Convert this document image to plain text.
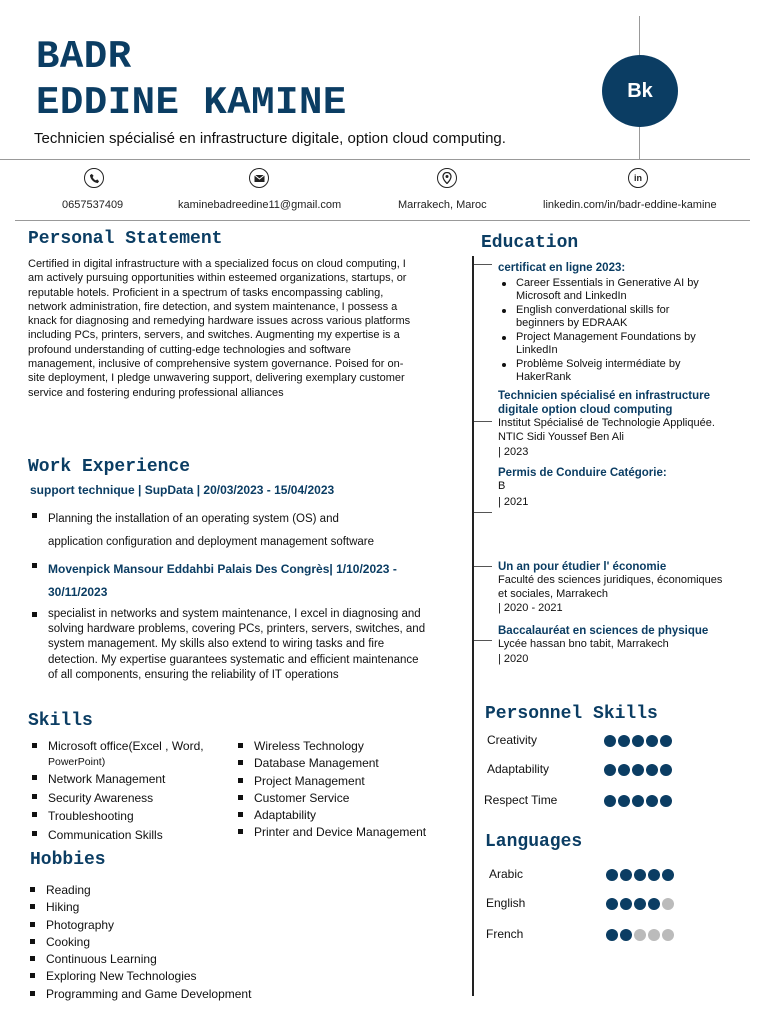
BADR
EDDINE KAMINE
Technicien spécialisé en infrastructure digitale, option cloud computing.
Bk
in
0657537409	kaminebadreedine11@gmail.com	Marrakech, Maroc	linkedin.com/in/badr-eddine-kamine
Personal Statement
Certified in digital infrastructure with a specialized focus on cloud computing, I am actively pursuing opportunities within esteemed organizations, startups, or reputable hotels. Proficient in a spectrum of tasks encompassing cabling, network administration, fire detection, and system maintenance, I possess a knack for diagnosing and remedying hardware issues across various platforms including PCs, printers, servers, and switches. Augmenting my expertise is a profound understanding of cutting-edge technologies and software management, inclusive of comprehensive system governance. Poised for on-site deployment, I pledge unwavering support, delivering exemplary customer service and fostering enduring professional alliances
Work Experience
support technique | SupData | 20/03/2023 - 15/04/2023
Planning the installation of an operating system (OS) and
application configuration and deployment management software
Movenpick Mansour Eddahbi Palais Des Congrès| 1/10/2023 -
30/11/2023
specialist in networks and system maintenance, I excel in diagnosing and solving hardware problems, covering PCs, printers, servers, switches, and system management. My skills also extend to wiring tasks and fire detection. My expertise guarantees systematic and efficient maintenance of all components, ensuring the reliability of IT operations
Skills
Microsoft office(Excel , Word,
PowerPoint)
Network Management
Security Awareness
Troubleshooting
Communication Skills
Wireless Technology
Database Management
Project Management
Customer Service
Adaptability
Printer and Device Management
Hobbies
Reading
Hiking
Photography
Cooking
Continuous Learning
Exploring New Technologies
Programming and Game Development
Education
certificat en ligne 2023:
Career Essentials in Generative AI by Microsoft and LinkedIn
English converdational skills for beginners by EDRAAK
Project Management Foundations by LinkedIn
Problème Solveig intermédiate by HakerRank
Technicien spécialisé en infrastructure digitale option cloud computing
Institut Spécialisé de Technologie Appliquée. NTIC Sidi Youssef Ben Ali
| 2023
Permis de Conduire Catégorie:
B
| 2021
Un an pour étudier l' économie
Faculté des sciences juridiques, économiques et sociales, Marrakech
| 2020 - 2021
Baccalauréat en sciences de physique
Lycée hassan bno tabit, Marrakech
| 2020
Personnel Skills
Creativity
Adaptability
Respect Time
Languages
Arabic
English
French
